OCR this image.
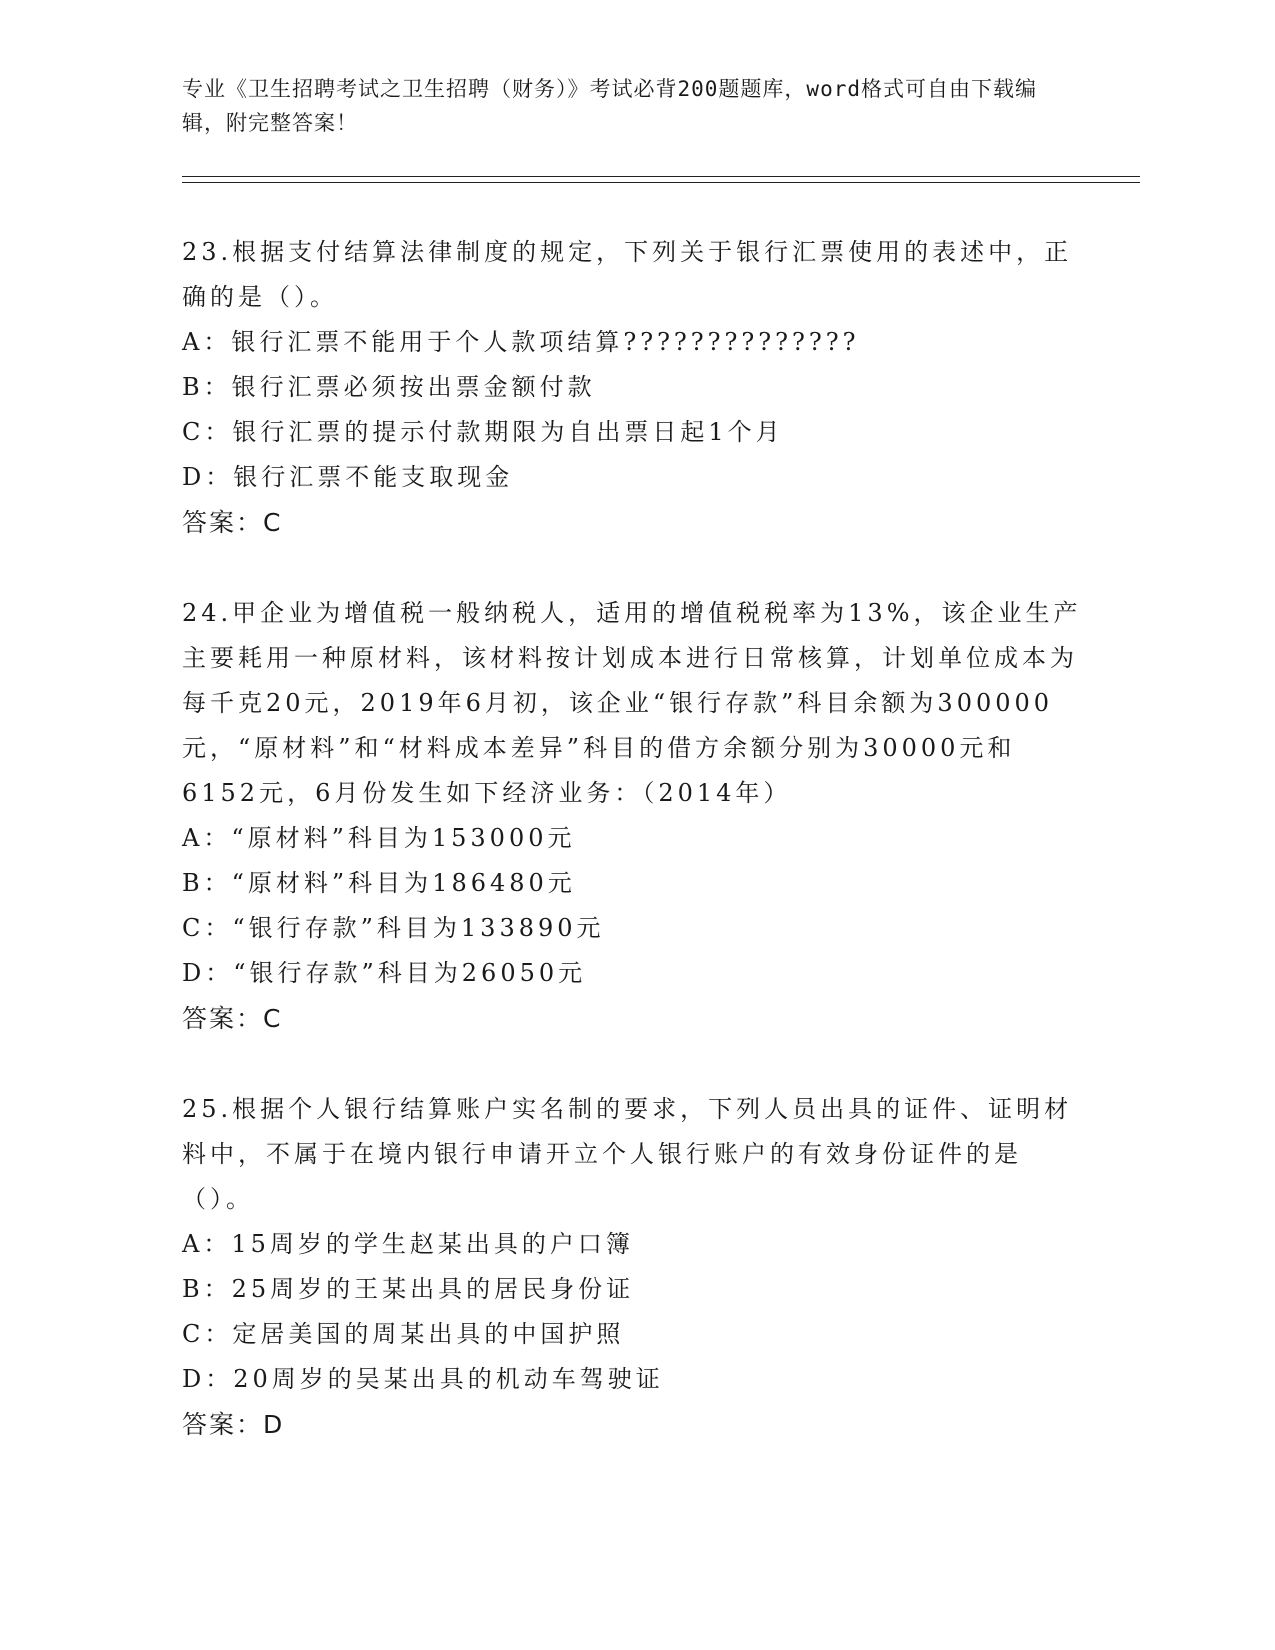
专业《卫生招聘考试之卫生招聘（财务）》考试必背200题题库，word格式可自由下载编辑，附完整答案！

23.根据支付结算法律制度的规定，下列关于银行汇票使用的表述中，正确的是（）。

A：银行汇票不能用于个人款项结算??????????????
B：银行汇票必须按出票金额付款
C：银行汇票的提示付款期限为自出票日起1个月
D：银行汇票不能支取现金

答案：C

24.甲企业为增值税一般纳税人，适用的增值税税率为13%，该企业生产主要耗用一种原材料，该材料按计划成本进行日常核算，计划单位成本为每千克20元，2019年6月初，该企业“银行存款”科目余额为300000元，“原材料”和“材料成本差异”科目的借方余额分别为30000元和6152元，6月份发生如下经济业务：（2014年）

A：“原材料”科目为153000元
B：“原材料”科目为186480元
C：“银行存款”科目为133890元
D：“银行存款”科目为26050元

答案：C

25.根据个人银行结算账户实名制的要求，下列人员出具的证件、证明材料中，不属于在境内银行申请开立个人银行账户的有效身份证件的是（）。

A：15周岁的学生赵某出具的户口簿
B：25周岁的王某出具的居民身份证
C：定居美国的周某出具的中国护照
D：20周岁的吴某出具的机动车驾驶证

答案：D
